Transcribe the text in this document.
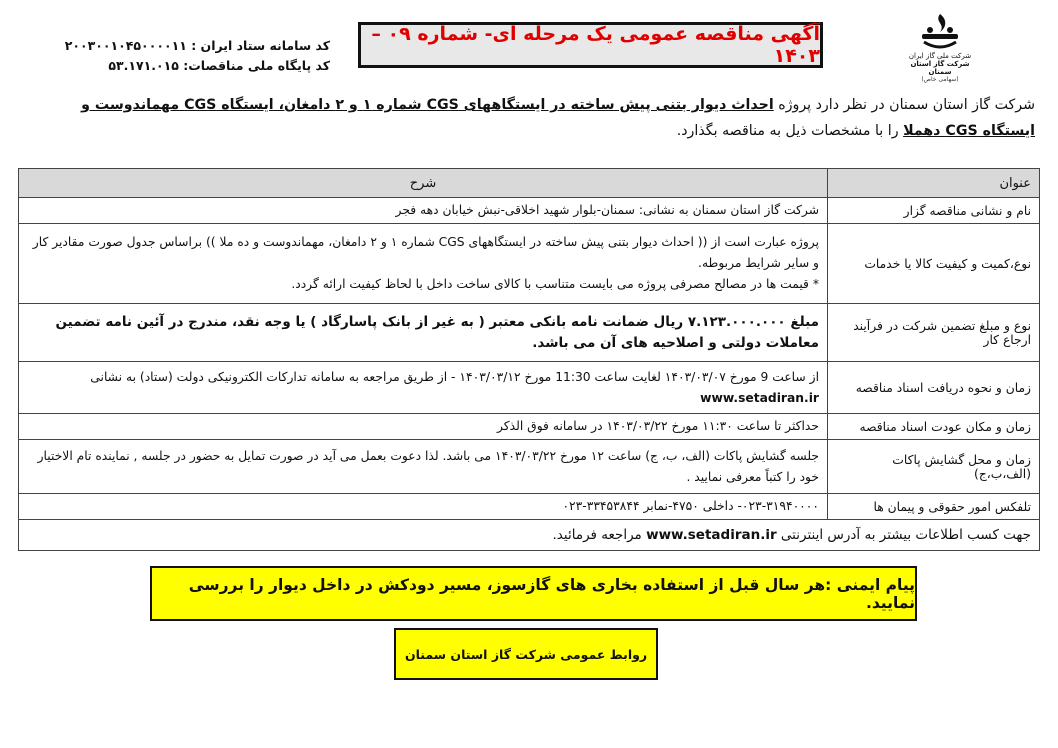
شرکت ملی گاز ایران
شرکت گاز استان سمنان
(سهامی خاص)
آگهی مناقصه عمومی یک مرحله ای- شماره ۰۹ –۱۴۰۳
کد سامانه ستاد ایران : ۲۰۰۳۰۰۱۰۴۵۰۰۰۰۱۱
کد پایگاه ملی مناقصات: ۵۳.۱۷۱.۰۱۵
شرکت گاز استان سمنان در نظر دارد پروژه احداث دیوار بتنی پیش ساخته در ایستگاههای CGS شماره ۱ و ۲ دامغان، ایستگاه CGS مهماندوست و ایستگاه CGS دهملا را با مشخصات ذیل به مناقصه بگذارد.
عنوان	شرح
نام و نشانی مناقصه گزار	شرکت گاز استان سمنان به نشانی: سمنان-بلوار شهید اخلاقی-نبش خیابان دهه فجر
نوع،کمیت و کیفیت کالا یا خدمات	پروژه عبارت است از (( احداث دیوار بتنی پیش ساخته در ایستگاههای CGS شماره ۱ و ۲ دامغان، مهماندوست و ده ملا )) براساس جدول صورت مقادیر کار و سایر شرایط مربوطه.
* قیمت ها در مصالح مصرفی پروژه می بایست متناسب با کالای ساخت داخل با لحاظ کیفیت ارائه گردد.

نوع و مبلغ تضمین شرکت در فرآیند ارجاع کار	مبلغ ۷.۱۲۳.۰۰۰.۰۰۰ ریال ضمانت نامه بانکی معتبر ( به غیر از بانک پاسارگاد ) یا وجه نقد، مندرج در آئین نامه تضمین معاملات دولتی و اصلاحیه های آن می باشد.
زمان و نحوه دریافت اسناد مناقصه	از ساعت 9 مورخ ۱۴۰۳/۰۳/۰۷ لغایت ساعت 11:30 مورخ ۱۴۰۳/۰۳/۱۲ - از طریق مراجعه به سامانه تدارکات الکترونیکی دولت (ستاد) به نشانی www.setadiran.ir
زمان و مکان عودت اسناد مناقصه	حداکثر تا ساعت ۱۱:۳۰ مورخ ۱۴۰۳/۰۳/۲۲ در سامانه فوق الذکر
زمان و محل گشایش پاکات (الف،ب،ج)	جلسه گشایش پاکات (الف، ب، ج) ساعت ۱۲ مورخ ۱۴۰۳/۰۳/۲۲ می باشد. لذا دعوت بعمل می آید در صورت تمایل به حضور در جلسه , نماینده تام الاختیار خود را کتباً معرفی نمایید .
تلفکس امور حقوقی و پیمان ها	۰۲۳-۳۱۹۴۰۰۰۰- داخلی ۴۷۵۰-نمابر ۳۳۴۵۳۸۴۴-۰۲۳
جهت کسب اطلاعات بیشتر به آدرس اینترنتی www.setadiran.ir مراجعه فرمائید.	
پیام ایمنی :هر سال قبل از استفاده بخاری های گازسوز، مسیر دودکش در داخل دیوار را بررسی نمایید.
روابط عمومی شرکت گاز استان سمنان
